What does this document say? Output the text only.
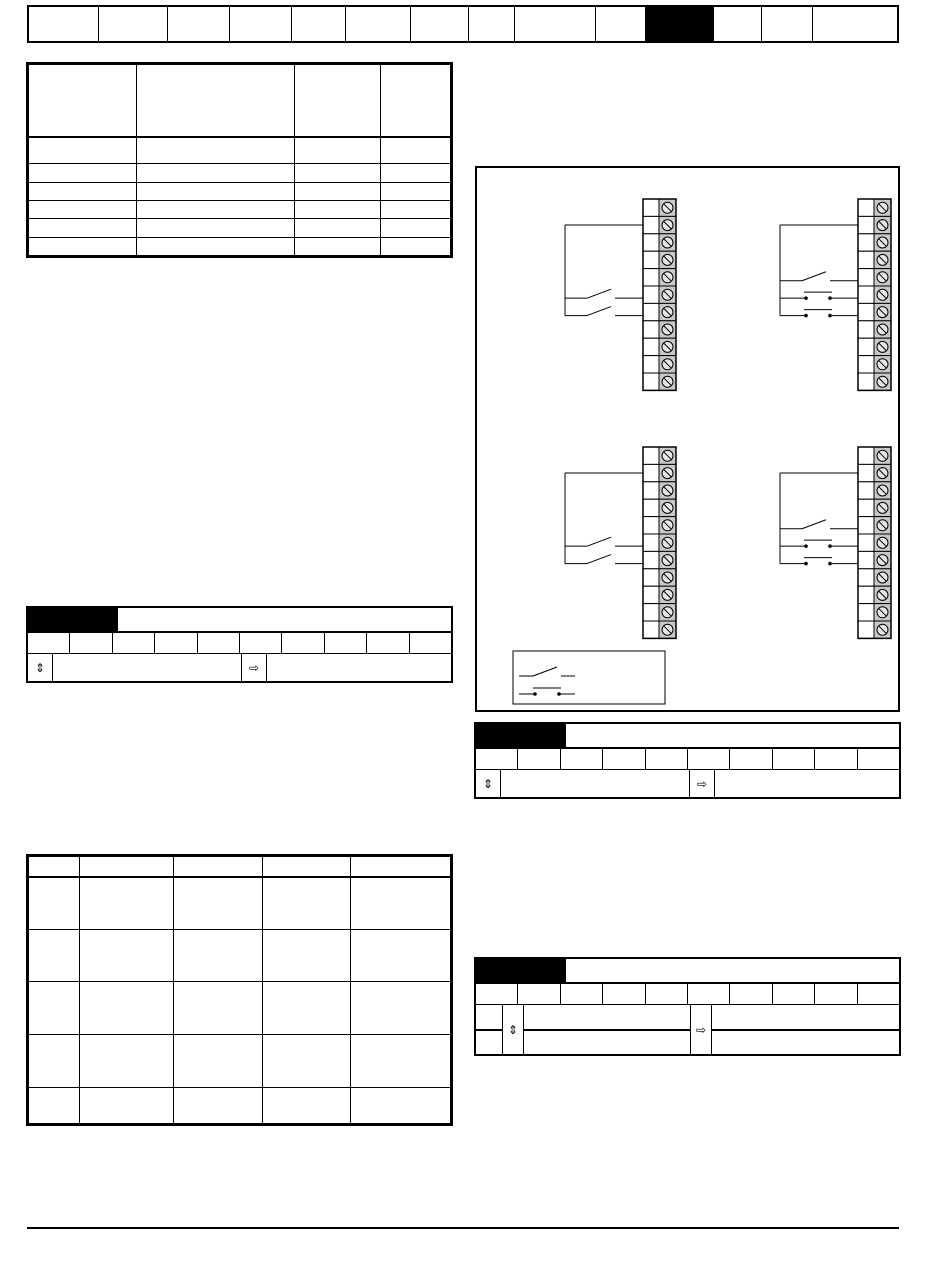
⇕	⇨

⇕	⇨
⇕	⇨
